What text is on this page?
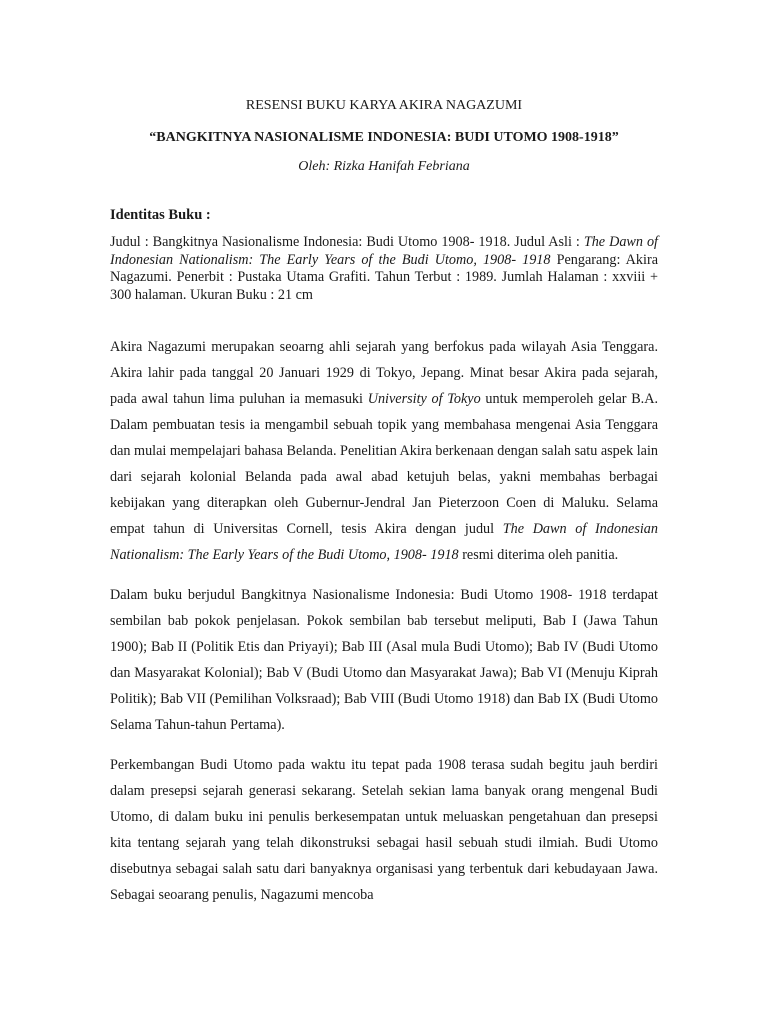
RESENSI BUKU KARYA AKIRA NAGAZUMI
“BANGKITNYA NASIONALISME INDONESIA: BUDI UTOMO 1908-1918”
Oleh: Rizka Hanifah Febriana
Identitas Buku :
Judul : Bangkitnya Nasionalisme Indonesia: Budi Utomo 1908- 1918. Judul Asli : The Dawn of Indonesian Nationalism: The Early Years of the Budi Utomo, 1908- 1918 Pengarang: Akira Nagazumi. Penerbit : Pustaka Utama Grafiti. Tahun Terbut : 1989. Jumlah Halaman : xxviii + 300 halaman. Ukuran Buku : 21 cm

Akira Nagazumi merupakan seoarng ahli sejarah yang berfokus pada wilayah Asia Tenggara. Akira lahir pada tanggal 20 Januari 1929 di Tokyo, Jepang. Minat besar Akira pada sejarah, pada awal tahun lima puluhan ia memasuki University of Tokyo untuk memperoleh gelar B.A. Dalam pembuatan tesis ia mengambil sebuah topik yang membahasa mengenai Asia Tenggara dan mulai mempelajari bahasa Belanda. Penelitian Akira berkenaan dengan salah satu aspek lain dari sejarah kolonial Belanda pada awal abad ketujuh belas, yakni membahas berbagai kebijakan yang diterapkan oleh Gubernur-Jendral Jan Pieterzoon Coen di Maluku. Selama empat tahun di Universitas Cornell, tesis Akira dengan judul The Dawn of Indonesian Nationalism: The Early Years of the Budi Utomo, 1908- 1918 resmi diterima oleh panitia.

Dalam buku berjudul Bangkitnya Nasionalisme Indonesia: Budi Utomo 1908- 1918 terdapat sembilan bab pokok penjelasan. Pokok sembilan bab tersebut meliputi, Bab I (Jawa Tahun 1900); Bab II (Politik Etis dan Priyayi); Bab III (Asal mula Budi Utomo); Bab IV (Budi Utomo dan Masyarakat Kolonial); Bab V (Budi Utomo dan Masyarakat Jawa); Bab VI (Menuju Kiprah Politik); Bab VII (Pemilihan Volksraad); Bab VIII (Budi Utomo 1918) dan Bab IX (Budi Utomo Selama Tahun-tahun Pertama).

Perkembangan Budi Utomo pada waktu itu tepat pada 1908 terasa sudah begitu jauh berdiri dalam presepsi sejarah generasi sekarang. Setelah sekian lama banyak orang mengenal Budi Utomo, di dalam buku ini penulis berkesempatan untuk meluaskan pengetahuan dan presepsi kita tentang sejarah yang telah dikonstruksi sebagai hasil sebuah studi ilmiah. Budi Utomo disebutnya sebagai salah satu dari banyaknya organisasi yang terbentuk dari kebudayaan Jawa. Sebagai seoarang penulis, Nagazumi mencoba
